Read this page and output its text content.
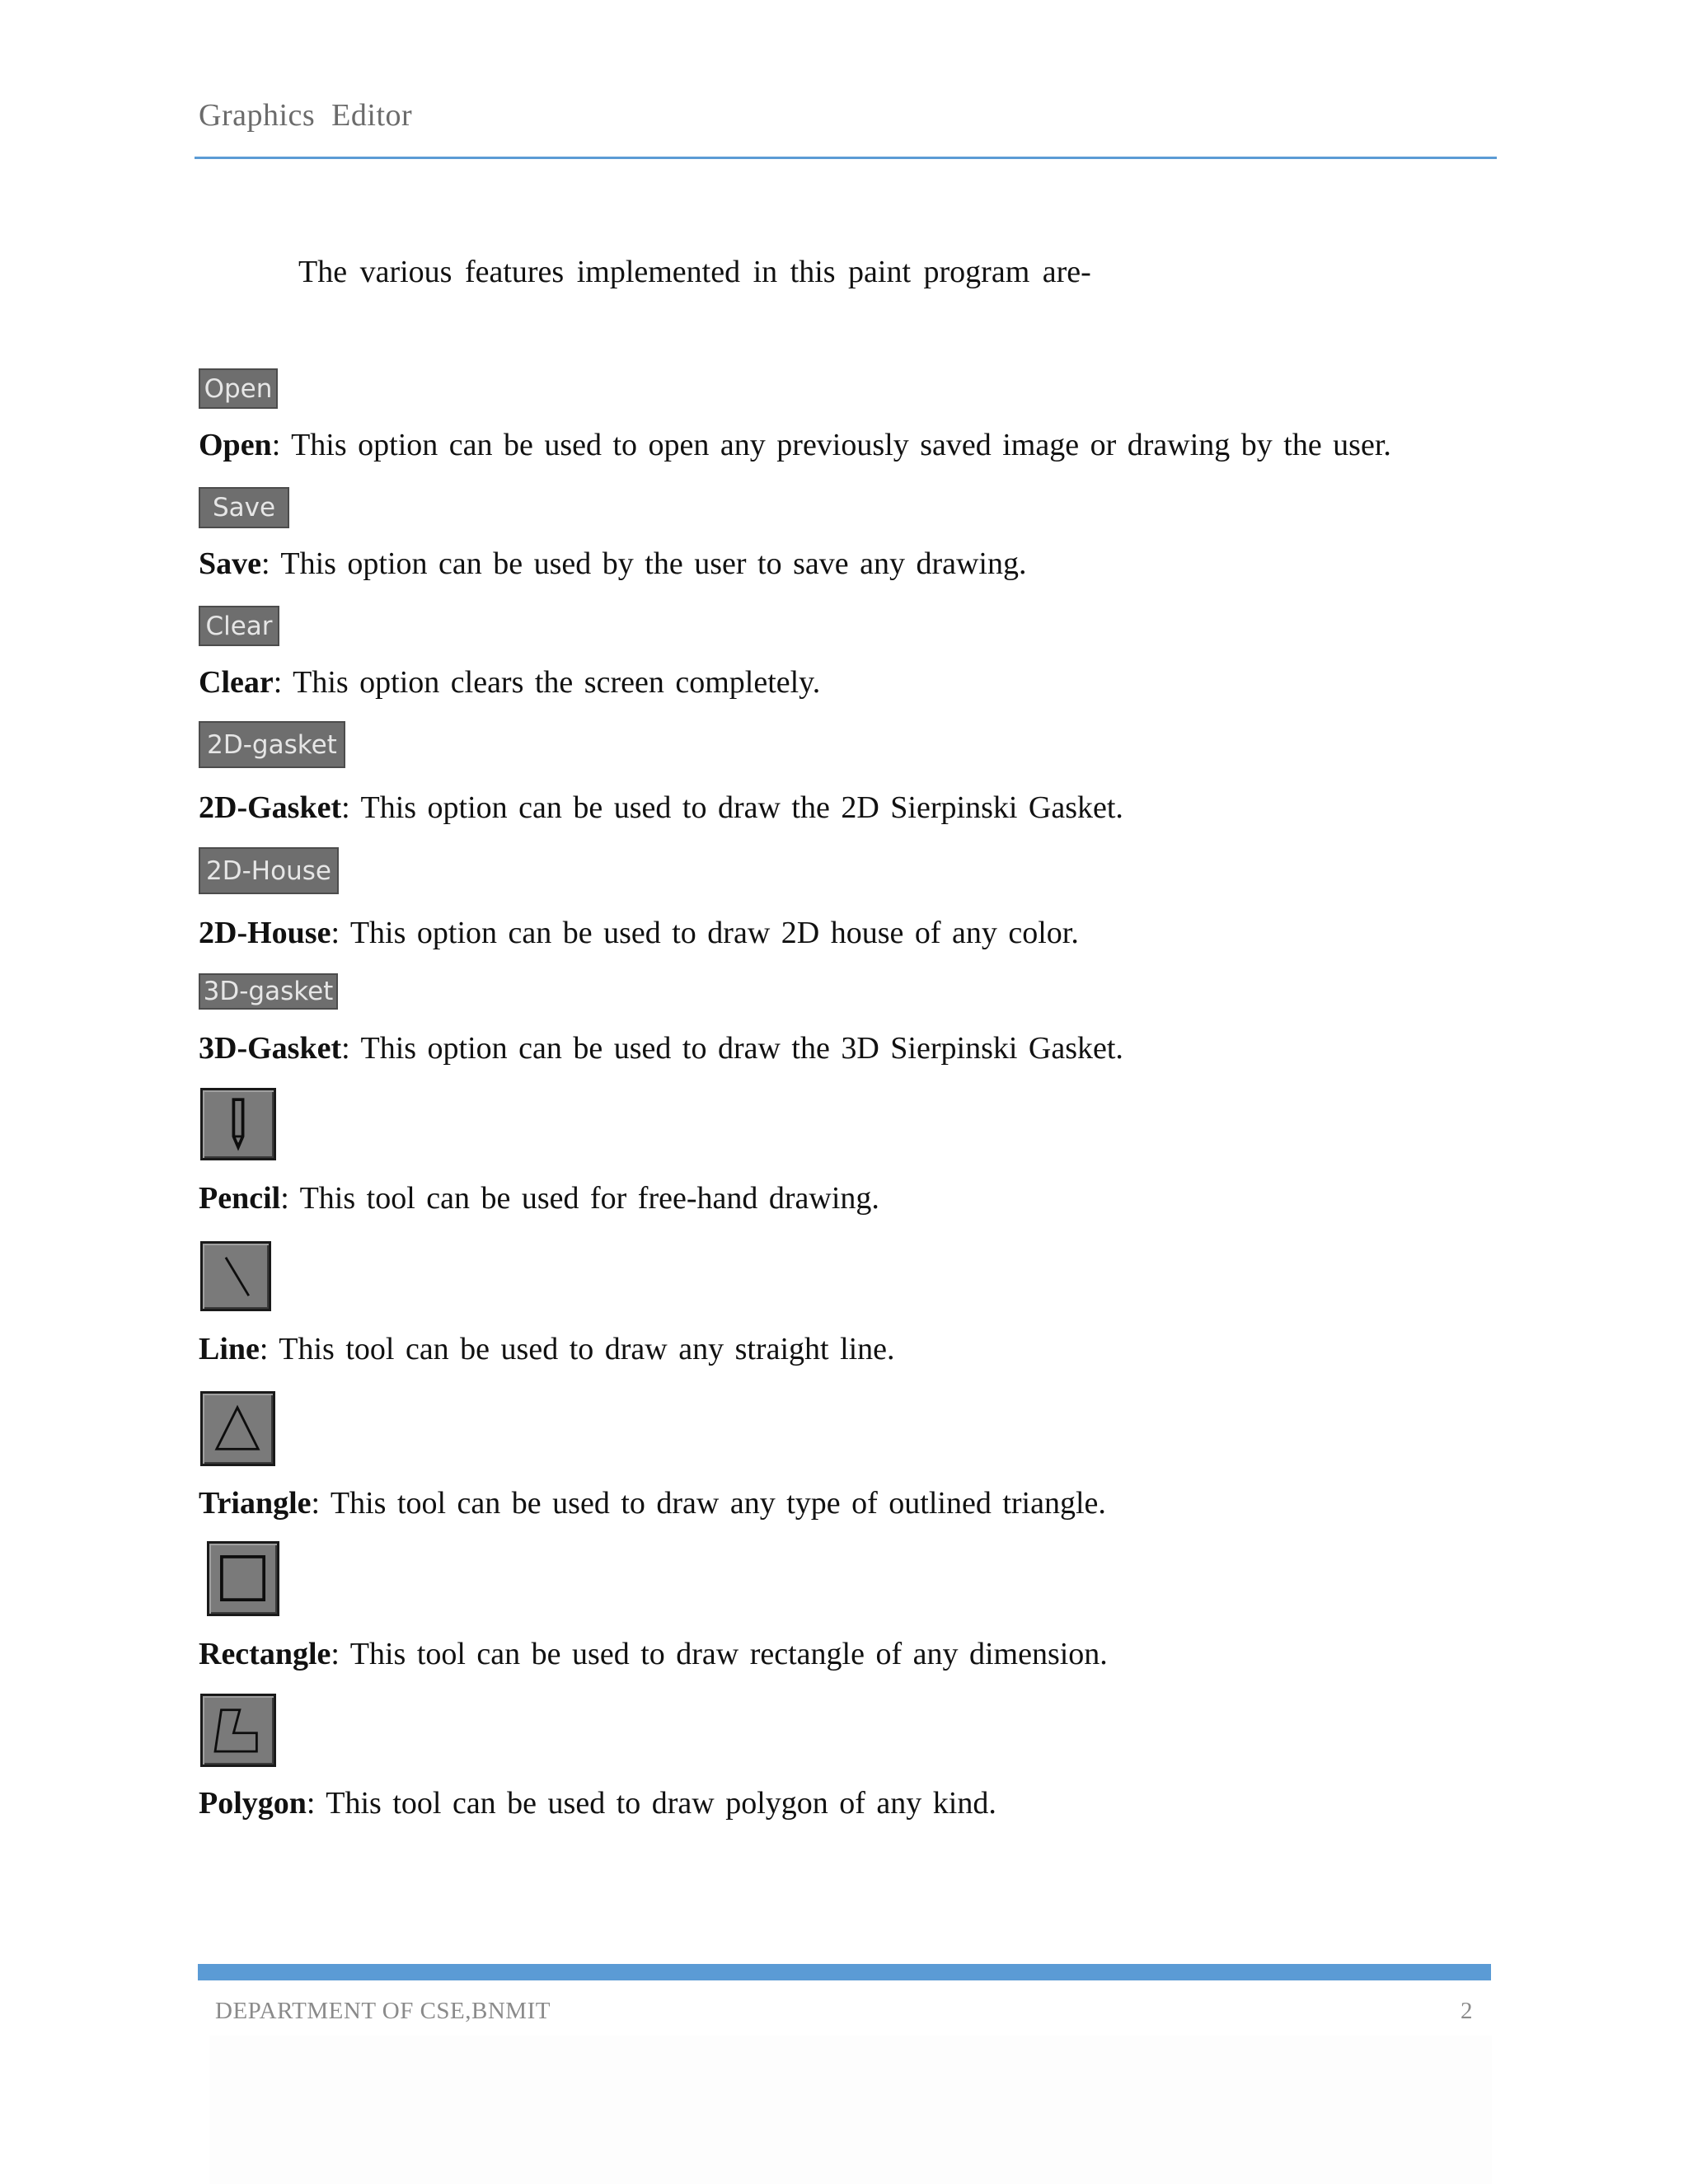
Graphics  Editor
The various features implemented in this paint program are-
Open
Open: This option can be used to open any previously saved image or drawing by the user.
Save
Save: This option can be used by the user to save any drawing.
Clear
Clear: This option clears the screen completely.
2D-gasket
2D-Gasket: This option can be used to draw the 2D Sierpinski Gasket.
2D-House
2D-House: This option can be used to draw 2D house of any color.
3D-gasket
3D-Gasket: This option can be used to draw the 3D Sierpinski Gasket.
Pencil: This tool can be used for free-hand drawing.
Line: This tool can be used to draw any straight line.
Triangle: This tool can be used to draw any type of outlined triangle.
Rectangle: This tool can be used to draw rectangle of any dimension.
Polygon: This tool can be used to draw polygon of any kind.
DEPARTMENT OF CSE,BNMIT	2
